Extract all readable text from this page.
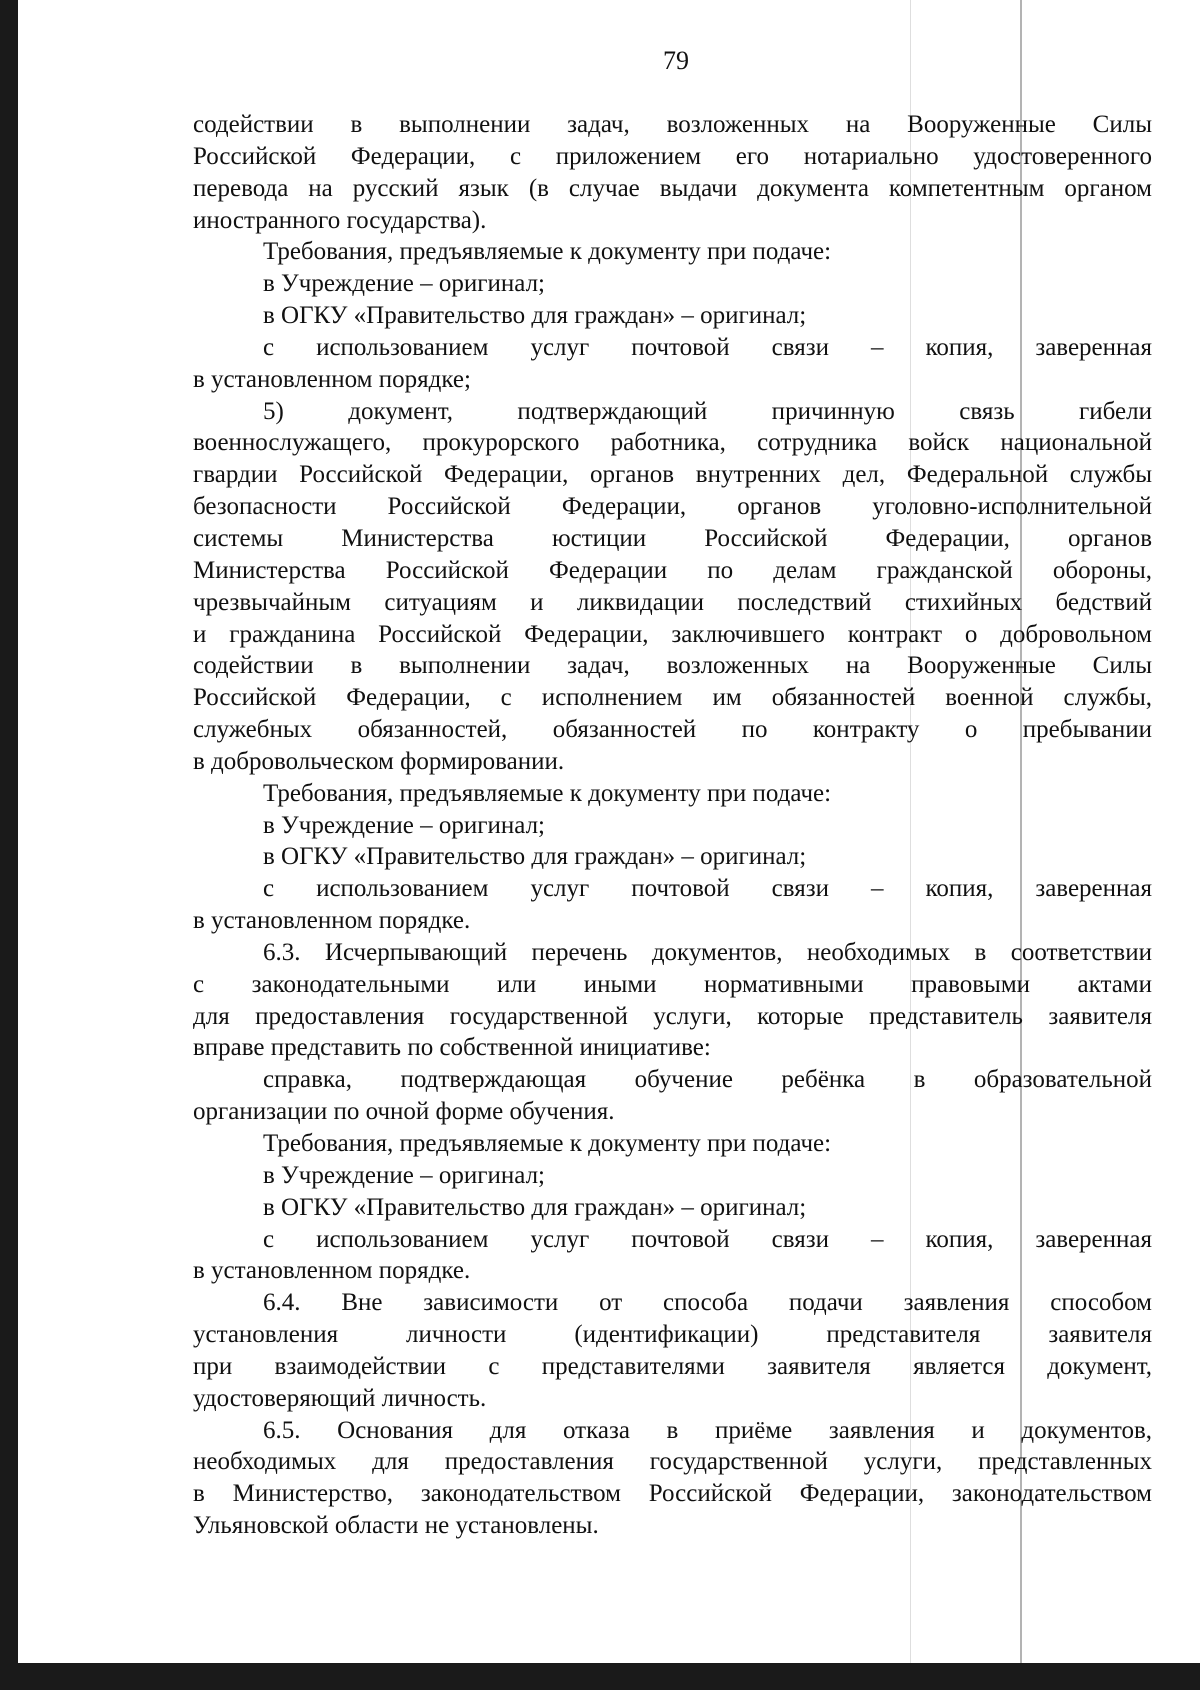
79
содействии в выполнении задач, возложенных на Вооруженные Силы
Российской Федерации, с приложением его нотариально удостоверенного
перевода на русский язык (в случае выдачи документа компетентным органом
иностранного государства).
Требования, предъявляемые к документу при подаче:
в Учреждение – оригинал;
в ОГКУ «Правительство для граждан» – оригинал;
с использованием услуг почтовой связи – копия, заверенная
в установленном порядке;
5) документ, подтверждающий причинную связь гибели
военнослужащего, прокурорского работника, сотрудника войск национальной
гвардии Российской Федерации, органов внутренних дел, Федеральной службы
безопасности Российской Федерации, органов уголовно-исполнительной
системы Министерства юстиции Российской Федерации, органов
Министерства Российской Федерации по делам гражданской обороны,
чрезвычайным ситуациям и ликвидации последствий стихийных бедствий
и гражданина Российской Федерации, заключившего контракт о добровольном
содействии в выполнении задач, возложенных на Вооруженные Силы
Российской Федерации, с исполнением им обязанностей военной службы,
служебных обязанностей, обязанностей по контракту о пребывании
в добровольческом формировании.
Требования, предъявляемые к документу при подаче:
в Учреждение – оригинал;
в ОГКУ «Правительство для граждан» – оригинал;
с использованием услуг почтовой связи – копия, заверенная
в установленном порядке.
6.3. Исчерпывающий перечень документов, необходимых в соответствии
с законодательными или иными нормативными правовыми актами
для предоставления государственной услуги, которые представитель заявителя
вправе представить по собственной инициативе:
справка, подтверждающая обучение ребёнка в образовательной
организации по очной форме обучения.
Требования, предъявляемые к документу при подаче:
в Учреждение – оригинал;
в ОГКУ «Правительство для граждан» – оригинал;
с использованием услуг почтовой связи – копия, заверенная
в установленном порядке.
6.4. Вне зависимости от способа подачи заявления способом
установления личности (идентификации) представителя заявителя
при взаимодействии с представителями заявителя является документ,
удостоверяющий личность.
6.5. Основания для отказа в приёме заявления и документов,
необходимых для предоставления государственной услуги, представленных
в Министерство, законодательством Российской Федерации, законодательством
Ульяновской области не установлены.
